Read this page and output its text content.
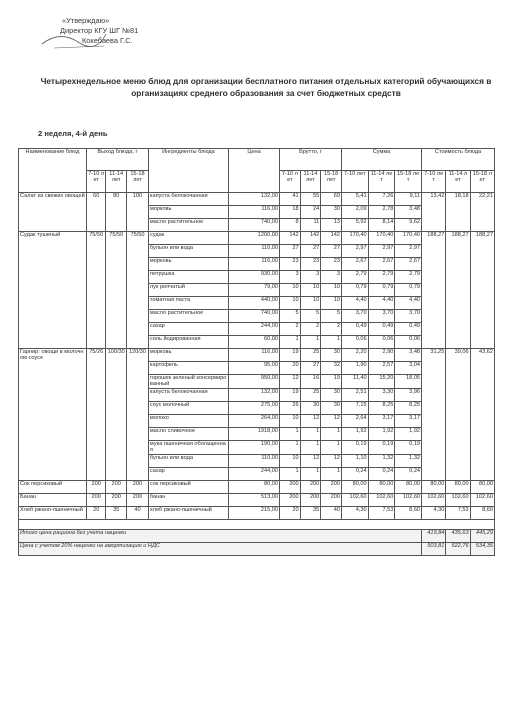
«Утверждаю»
Директор КГУ ШГ №81
Кокебаева Г.С.
Четырехнедельное меню блюд для организации бесплатного питания отдельных категорий обучающихся в организациях среднего образования за счет бюджетных средств
2 неделя, 4-й день
Наименование блюд	Выход блюда, г			Ингредиенты блюда	Цена	Брутто, г			Сумма			Стоимость блюда		
	7-10 лет	11-14 лет	15-18 лет			7-10 лет	11-14 лет	15-18 лет	7-10 лет	11-14 лет	15-18 лет	7-10 лет	11-14 лет	15-18 лет
Салат из свежих овощей	60	80	100	капуста белокочанная	132,00	41	55	69	5,41	7,26	9,11	13,42	18,18	22,21
				морковь	116,00	18	24	30	2,09	2,78	3,48			
				масло растительное	740,00	8	11	13	5,92	8,14	9,62			
Судак тушеный	75/50	75/50	75/50	судак	1200,00	142	142	142	170,40	170,40	170,40	188,27	188,27	188,27
				бульон или вода	110,00	27	27	27	2,97	2,97	2,97			
				морковь	116,00	23	23	23	2,67	2,67	2,67			
				петрушка	930,00	3	3	3	2,79	2,79	2,79			
				лук репчатый	79,00	10	10	10	0,79	0,79	0,79			
				томатная паста	440,00	10	10	10	4,40	4,40	4,40			
				масло растительное	740,00	5	5	5	3,70	3,70	3,70			
				сахар	244,00	2	2	2	0,49	0,49	0,49			
				соль йодированная	60,00	1	1	1	0,06	0,06	0,06			
Гарнир: овощи в молочном соусе	75/26	100/30	120/30	морковь	116,00	19	25	30	2,20	2,90	3,48	31,25	39,06	43,62
				картофель	95,00	20	27	32	1,90	2,57	3,04			
				горошек зеленый консервированный	950,00	12	16	19	11,40	15,20	18,05			
				капуста белокочанная	132,00	19	25	30	2,51	3,30	3,96			
				соус молочный	275,00	26	30	30	7,15	8,25	8,25			
				молоко	264,00	10	12	12	2,64	3,17	3,17			
				масло сливочное	1918,00	1	1	1	1,92	1,92	1,92			
				мука пшеничная обогащенная	190,00	1	1	1	0,19	0,19	0,19			
				бульон или вода	110,00	10	12	12	1,10	1,32	1,32			
				сахар	244,00	1	1	1	0,24	0,24	0,24			
Сок персиковый	200	200	200	сок персиковый	80,00	200	200	200	80,00	80,00	80,00	80,00	80,00	80,00
Банан	200	200	200	банан	513,00	200	200	200	102,60	102,60	102,60	102,60	102,60	102,60
Хлеб ржано-пшеничный	20	35	40	хлеб ржано-пшеничный	215,00	20	35	40	4,30	7,53	8,60	4,30	7,53	8,60

Итого цена рациона без учета наценки												419,84	435,63	445,29
Цена с учетом 20% наценки на амортизацию и НДС												503,81	522,76	534,35
